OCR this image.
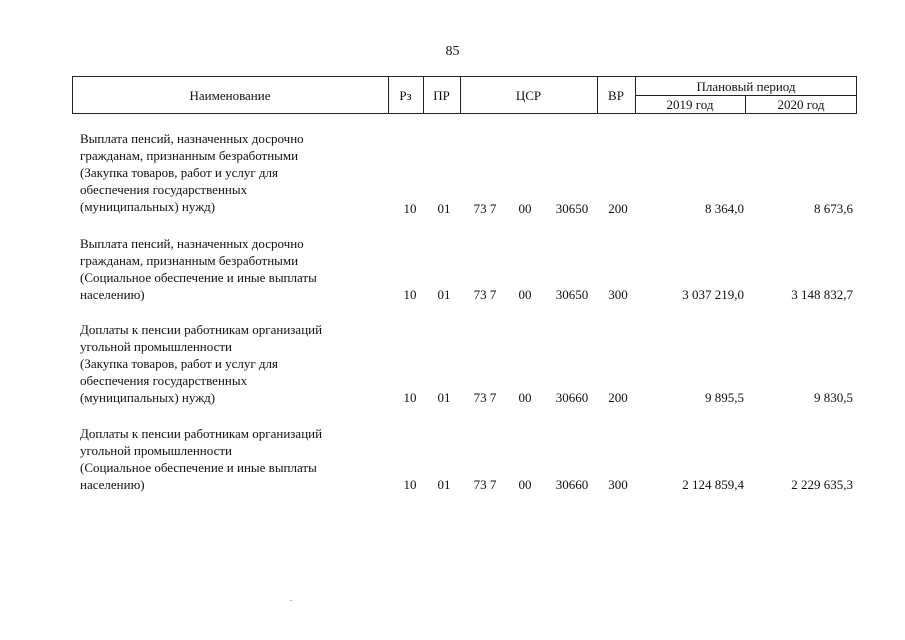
85
Наименование	Рз	ПР	ЦСР	ВР
Плановый период
2019 год	2020 год
Выплата пенсий, назначенных досрочно
гражданам, признанным безработными
(Закупка товаров, работ и услуг для
обеспечения государственных
(муниципальных) нужд)	10	01	73 7	00	30650	200	8 364,0	8 673,6
Выплата пенсий, назначенных досрочно
гражданам, признанным безработными
(Социальное обеспечение и иные выплаты
населению)	10	01	73 7	00	30650	300	3 037 219,0	3 148 832,7
Доплаты к пенсии работникам организаций
угольной промышленности
(Закупка товаров, работ и услуг для
обеспечения государственных
(муниципальных) нужд)	10	01	73 7	00	30660	200	9 895,5	9 830,5
Доплаты к пенсии работникам организаций
угольной промышленности
(Социальное обеспечение и иные выплаты
населению)	10	01	73 7	00	30660	300	2 124 859,4	2 229 635,3
